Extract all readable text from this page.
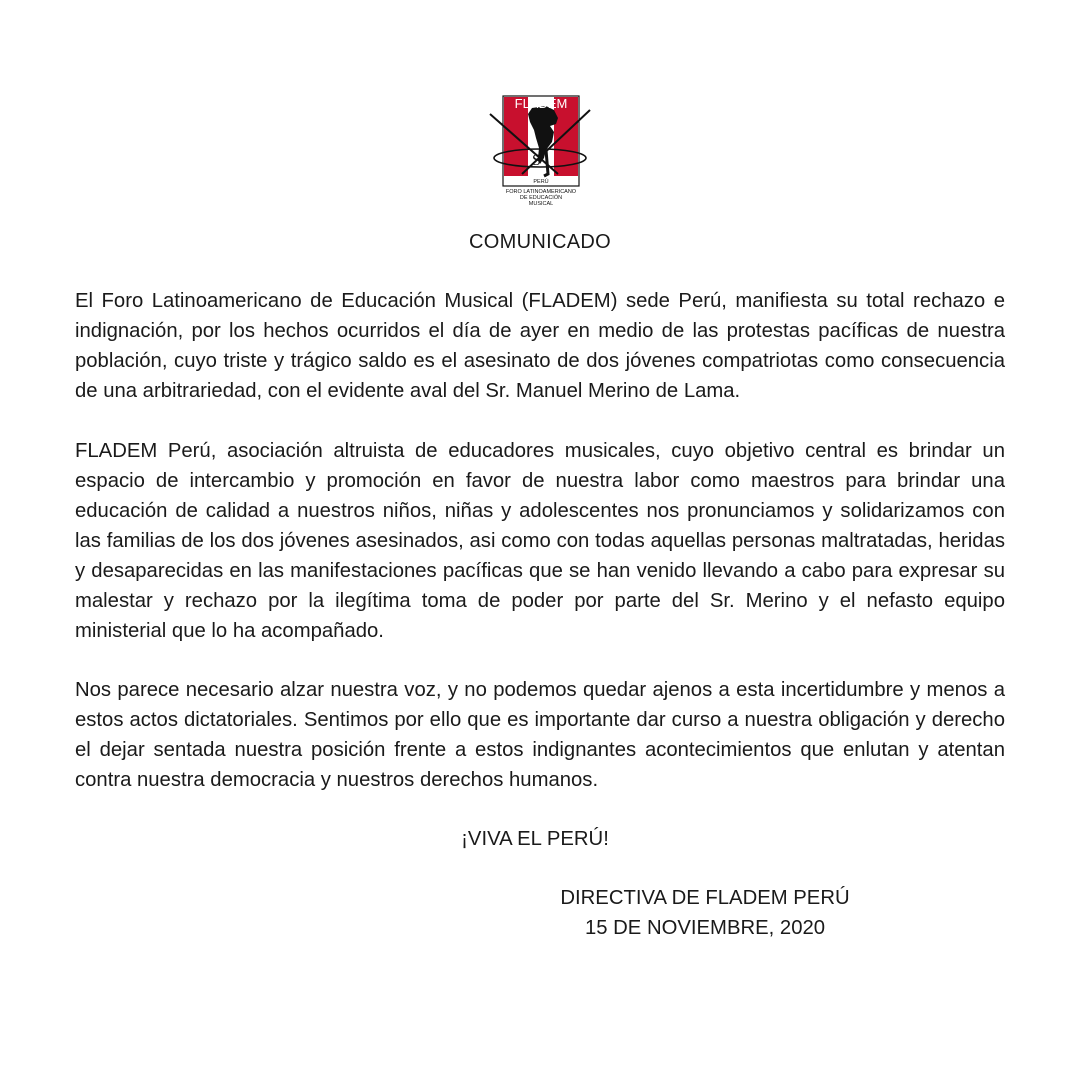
S
FLADEM
PERÚ
FORO LATINOAMERICANO
DE EDUCACIÓN
MUSICAL
COMUNICADO

El Foro Latinoamericano de Educación Musical (FLADEM) sede Perú, manifiesta su total rechazo e indignación, por los hechos ocurridos el día de ayer en medio de las protestas pacíficas de nuestra población, cuyo triste y trágico saldo es el asesinato de dos jóvenes compatriotas como consecuencia de una arbitrariedad, con el evidente aval del Sr. Manuel Merino de Lama.

FLADEM Perú, asociación altruista de educadores musicales, cuyo objetivo central es brindar un espacio de intercambio y promoción en favor de nuestra labor como maestros para brindar una educación de calidad a nuestros niños, niñas y adolescentes nos pronunciamos y solidarizamos con las familias de los dos jóvenes asesinados, asi como con todas aquellas personas maltratadas, heridas y desaparecidas en las manifestaciones pacíficas que se han venido llevando a cabo para expresar su malestar y rechazo por la ilegítima toma de poder por parte del Sr. Merino y el nefasto equipo ministerial que lo ha acompañado.

Nos parece necesario alzar nuestra voz, y no podemos quedar ajenos a esta incertidumbre y menos a estos actos dictatoriales. Sentimos por ello que es importante dar curso a nuestra obligación y derecho el dejar sentada nuestra posición frente a estos indignantes acontecimientos que enlutan y atentan contra nuestra democracia y nuestros derechos humanos.

¡VIVA EL PERÚ!
DIRECTIVA DE FLADEM PERÚ
15 DE NOVIEMBRE, 2020
